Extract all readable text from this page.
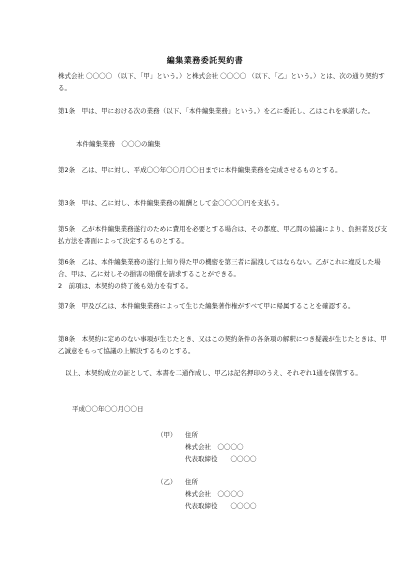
編集業務委託契約書

株式会社 〇〇〇〇 （以下、「甲」という。）と株式会社 〇〇〇〇 （以下、「乙」という。）とは、次の通り契約する。

第1条　甲は、甲における次の業務（以下、「本件編集業務」という。）を乙に委託し、乙はこれを承諾した。

本件編集業務　〇〇〇の編集

第2条　乙は、甲に対し、平成〇〇年〇〇月〇〇日までに本件編集業務を完成させるものとする。

第3条　甲は、乙に対し、本件編集業務の報酬として金〇〇〇〇円を支払う。

第5条　乙が本件編集業務遂行のために費用を必要とする場合は、その都度、甲乙間の協議により、負担者及び支払方法を書面によって決定するものとする。

第6条　乙は、本件編集業務の遂行上知り得た甲の機密を第三者に漏洩してはならない。乙がこれに違反した場合、甲は、乙に対しその損害の賠償を請求することができる。

2　前項は、本契約の終了後も効力を有する。

第7条　甲及び乙は、本件編集業務によって生じた編集著作権がすべて甲に帰属することを確認する。

第8条　本契約に定めのない事項が生じたとき、又はこの契約条件の各条項の解釈につき疑義が生じたときは、甲乙誠意をもって協議の上解決するものとする。

以上、本契約成立の証として、本書を二通作成し、甲乙は記名押印のうえ、それぞれ1通を保管する。

平成〇〇年〇〇月〇〇日

（甲） 住所
株式会社　〇〇〇〇
代表取締役　　〇〇〇〇
（乙） 住所
株式会社　〇〇〇〇
代表取締役　　〇〇〇〇
